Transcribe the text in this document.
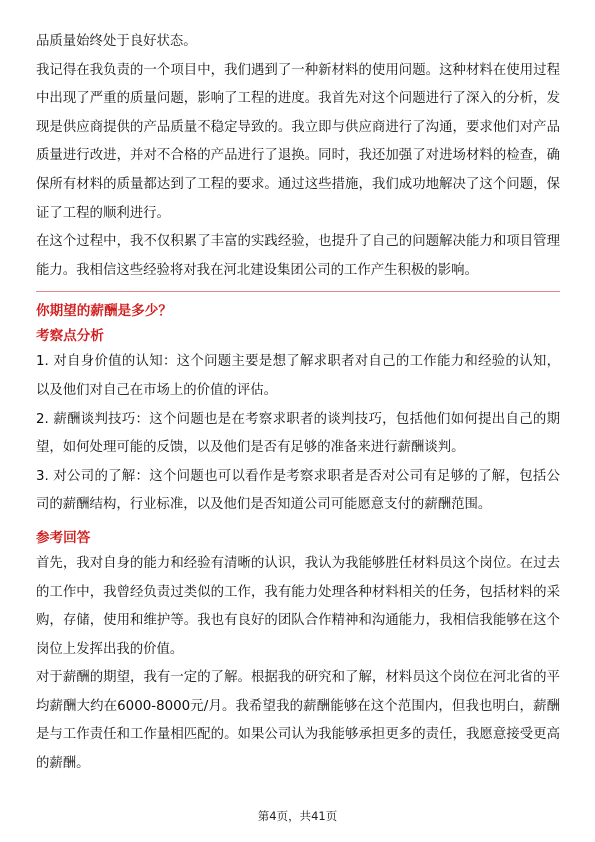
品质量始终处于良好状态。

我记得在我负责的一个项目中，我们遇到了一种新材料的使用问题。这种材料在使用过程中出现了严重的质量问题，影响了工程的进度。我首先对这个问题进行了深入的分析，发现是供应商提供的产品质量不稳定导致的。我立即与供应商进行了沟通，要求他们对产品质量进行改进，并对不合格的产品进行了退换。同时，我还加强了对进场材料的检查，确保所有材料的质量都达到了工程的要求。通过这些措施，我们成功地解决了这个问题，保证了工程的顺利进行。

在这个过程中，我不仅积累了丰富的实践经验，也提升了自己的问题解决能力和项目管理能力。我相信这些经验将对我在河北建设集团公司的工作产生积极的影响。

你期望的薪酬是多少？

考察点分析

1. 对自身价值的认知：这个问题主要是想了解求职者对自己的工作能力和经验的认知，以及他们对自己在市场上的价值的评估。

2. 薪酬谈判技巧：这个问题也是在考察求职者的谈判技巧，包括他们如何提出自己的期望，如何处理可能的反馈，以及他们是否有足够的准备来进行薪酬谈判。

3. 对公司的了解：这个问题也可以看作是考察求职者是否对公司有足够的了解，包括公司的薪酬结构，行业标准，以及他们是否知道公司可能愿意支付的薪酬范围。

参考回答

首先，我对自身的能力和经验有清晰的认识，我认为我能够胜任材料员这个岗位。在过去的工作中，我曾经负责过类似的工作，我有能力处理各种材料相关的任务，包括材料的采购，存储，使用和维护等。我也有良好的团队合作精神和沟通能力，我相信我能够在这个岗位上发挥出我的价值。

对于薪酬的期望，我有一定的了解。根据我的研究和了解，材料员这个岗位在河北省的平均薪酬大约在6000-8000元/月。我希望我的薪酬能够在这个范围内，但我也明白，薪酬是与工作责任和工作量相匹配的。如果公司认为我能够承担更多的责任，我愿意接受更高的薪酬。

第4页，共41页
